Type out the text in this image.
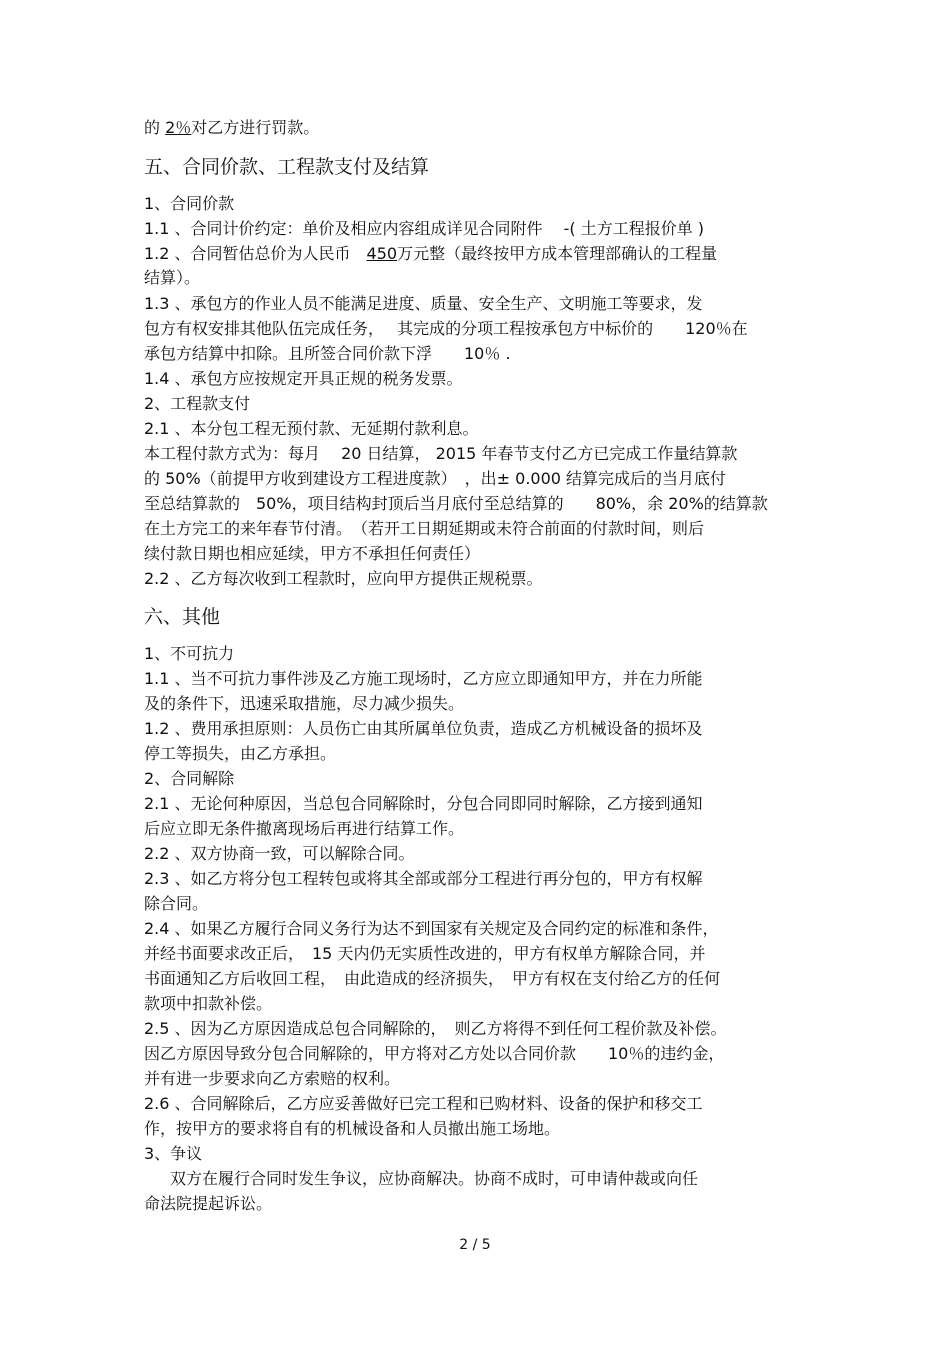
的 2％对乙方进行罚款。

五、合同价款、工程款支付及结算

1、合同价款

1.1 、合同计价约定：单价及相应内容组成详见合同附件　 -( 土方工程报价单 )

1.2 、合同暂估总价为人民币　450万元整（最终按甲方成本管理部确认的工程量

结算）。

1.3 、承包方的作业人员不能满足进度、质量、安全生产、文明施工等要求，发

包方有权安排其他队伍完成任务，　 其完成的分项工程按承包方中标价的　　120％在

承包方结算中扣除。且所签合同价款下浮　　10％ .

1.4 、承包方应按规定开具正规的税务发票。

2、工程款支付

2.1 、本分包工程无预付款、无延期付款利息。

本工程付款方式为：每月　 20 日结算， 2015 年春节支付乙方已完成工作量结算款

的 50%（前提甲方收到建设方工程进度款）　，出± 0.000 结算完成后的当月底付

至总结算款的　50%，项目结构封顶后当月底付至总结算的　　80%，余 20%的结算款

在土方完工的来年春节付清。　（若开工日期延期或未符合前面的付款时间，则后

续付款日期也相应延续，甲方不承担任何责任）

2.2 、乙方每次收到工程款时，应向甲方提供正规税票。

六、其他

1、不可抗力

1.1 、当不可抗力事件涉及乙方施工现场时，乙方应立即通知甲方，并在力所能

及的条件下，迅速采取措施，尽力减少损失。

1.2 、费用承担原则：人员伤亡由其所属单位负责，造成乙方机械设备的损坏及

停工等损失，由乙方承担。

2、合同解除

2.1 、无论何种原因，当总包合同解除时，分包合同即同时解除，乙方接到通知

后应立即无条件撤离现场后再进行结算工作。

2.2 、双方协商一致，可以解除合同。

2.3 、如乙方将分包工程转包或将其全部或部分工程进行再分包的，甲方有权解

除合同。

2.4 、如果乙方履行合同义务行为达不到国家有关规定及合同约定的标准和条件，

并经书面要求改正后，　15 天内仍无实质性改进的，甲方有权单方解除合同，并

书面通知乙方后收回工程，　由此造成的经济损失，　甲方有权在支付给乙方的任何

款项中扣款补偿。

2.5 、因为乙方原因造成总包合同解除的，　则乙方将得不到任何工程价款及补偿。

因乙方原因导致分包合同解除的，甲方将对乙方处以合同价款　　10％的违约金，

并有进一步要求向乙方索赔的权利。

2.6 、合同解除后，乙方应妥善做好已完工程和已购材料、设备的保护和移交工

作，按甲方的要求将自有的机械设备和人员撤出施工场地。

3、争议

双方在履行合同时发生争议，应协商解决。协商不成时，可申请仲裁或向任

命法院提起诉讼。

2 / 5
